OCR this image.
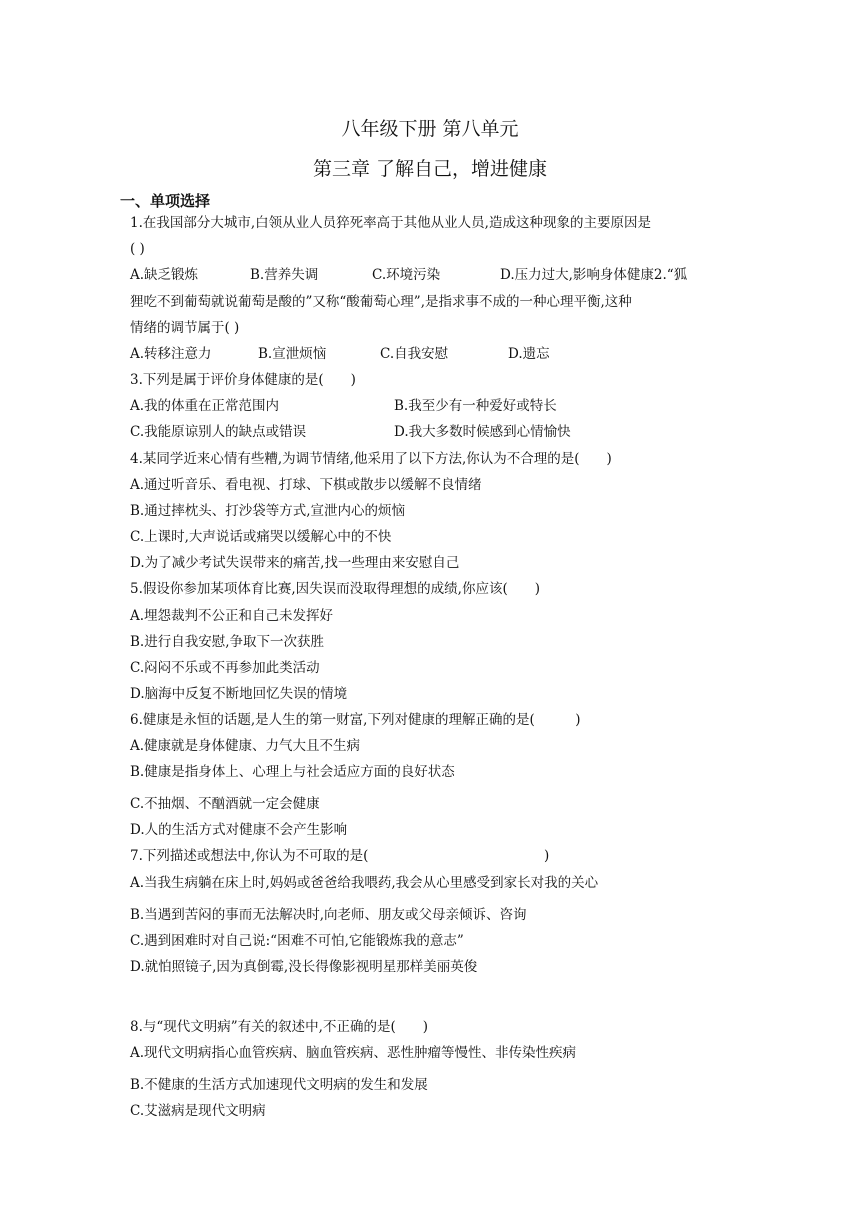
八年级下册 第八单元
第三章 了解自己，增进健康
一、单项选择
1.在我国部分大城市,白领从业人员猝死率高于其他从业人员,造成这种现象的主要原因是
( )
A.缺乏锻炼	B.营养失调	C.环境污染	D.压力过大,影响身体健康2.“狐
狸吃不到葡萄就说葡萄是酸的”又称“酸葡萄心理”,是指求事不成的一种心理平衡,这种
情绪的调节属于( )
A.转移注意力	B.宣泄烦恼	C.自我安慰	D.遗忘
3.下列是属于评价身体健康的是(　　)
A.我的体重在正常范围内	B.我至少有一种爱好或特长
C.我能原谅别人的缺点或错误	D.我大多数时候感到心情愉快
4.某同学近来心情有些糟,为调节情绪,他采用了以下方法,你认为不合理的是(　　)
A.通过听音乐、看电视、打球、下棋或散步以缓解不良情绪
B.通过摔枕头、打沙袋等方式,宣泄内心的烦恼
C.上课时,大声说话或痛哭以缓解心中的不快
D.为了减少考试失误带来的痛苦,找一些理由来安慰自己
5.假设你参加某项体育比赛,因失误而没取得理想的成绩,你应该(　　)
A.埋怨裁判不公正和自己未发挥好
B.进行自我安慰,争取下一次获胜
C.闷闷不乐或不再参加此类活动
D.脑海中反复不断地回忆失误的情境
6.健康是永恒的话题,是人生的第一财富,下列对健康的理解正确的是(　　　)
A.健康就是身体健康、力气大且不生病
B.健康是指身体上、心理上与社会适应方面的良好状态
C.不抽烟、不酗酒就一定会健康
D.人的生活方式对健康不会产生影响
7.下列描述或想法中,你认为不可取的是(　　　　　　　　　　　　　)
A.当我生病躺在床上时,妈妈或爸爸给我喂药,我会从心里感受到家长对我的关心
B.当遇到苦闷的事而无法解决时,向老师、朋友或父母亲倾诉、咨询
C.遇到困难时对自己说:“困难不可怕,它能锻炼我的意志”
D.就怕照镜子,因为真倒霉,没长得像影视明星那样美丽英俊
8.与“现代文明病”有关的叙述中,不正确的是(　　)
A.现代文明病指心血管疾病、脑血管疾病、恶性肿瘤等慢性、非传染性疾病
B.不健康的生活方式加速现代文明病的发生和发展
C.艾滋病是现代文明病
